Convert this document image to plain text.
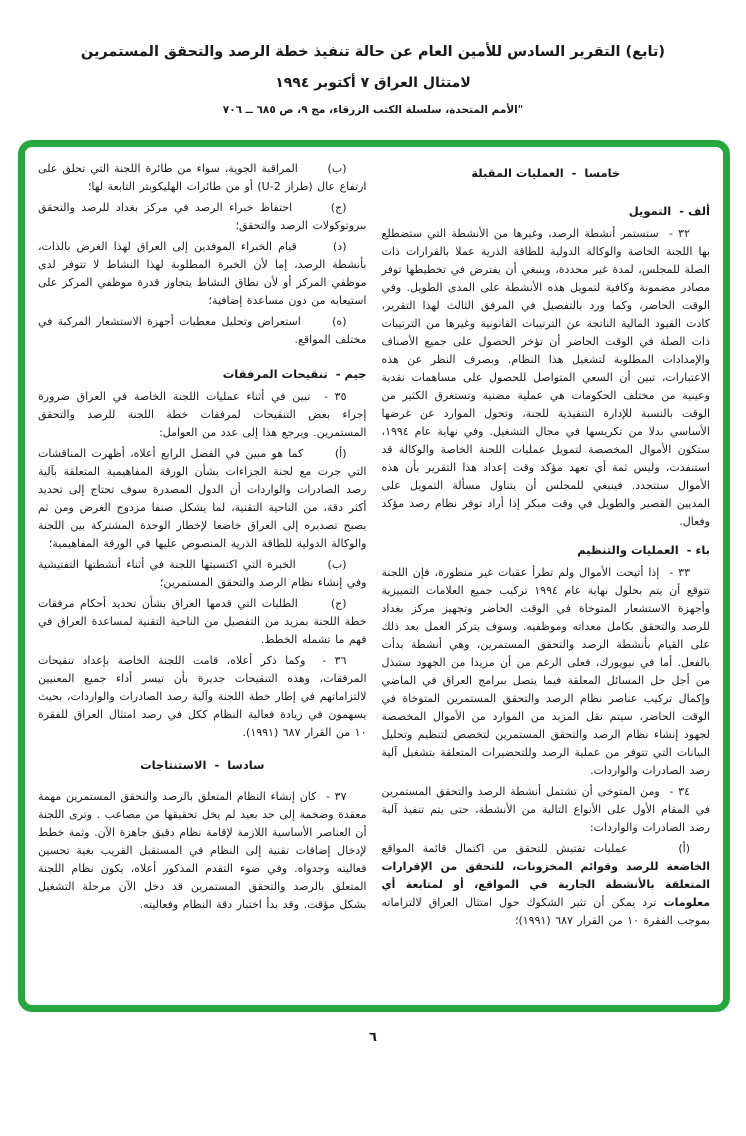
(تابع) التقرير السادس للأمين العام عن حالة تنفيذ خطة الرصد والتحقق المستمرين
لامتثال العراق ٧ أكتوبر ١٩٩٤
"الأمم المتحدة، سلسلة الكتب الزرقاء، مج ٩، ص ٦٨٥ ــ ٧٠٦
خامسا  -  العمليات المقبلة
ألف -  التمويل

٣٢ -  ستستمر أنشطة الرصد، وغيرها من الأنشطة التي ستضطلع بها اللجنة الخاصة والوكالة الدولية للطاقة الذرية عملا بالقرارات ذات الصلة للمجلس، لمدة غير محددة، وينبغي أن يفترض في تخطيطها توفر مصادر مضمونة وكافية لتمويل هذه الأنشطة على المدى الطويل. وفي الوقت الحاضر، وكما ورد بالتفصيل في المرفق الثالث لهذا التقرير، كادت القيود المالية الناتجة عن الترتيبات القانونية وغيرها من الترتيبات ذات الصلة في الوقت الحاضر أن تؤخر الحصول على جميع الأصناف والإمدادات المطلوبة لتشغيل هذا النظام. وبصرف النظر عن هذه الاعتبارات، تبين أن السعي المتواصل للحصول على مساهمات نقدية وعينية من مختلف الحكومات هي عملية مضنية وتستغرق الكثير من الوقت بالنسبة للإدارة التنفيذية للجنة، وتحول الموارد عن غرضها الأساسي بدلا من تكريسها في مجال التشغيل. وفي نهاية عام ١٩٩٤، ستكون الأموال المخصصة لتمويل عمليات اللجنة الخاصة والوكالة قد استنفدت، وليس ثمة أي تعهد مؤكد وقت إعداد هذا التقرير بأن هذه الأموال ستتجدد. فينبغي للمجلس أن يتناول مسألة التمويل على المديين القصير والطويل في وقت مبكر إذا أراد توفر نظام رصد مؤكد وفعال.

باء -  العمليات والتنظيم

٣٣ -  إذا أتيحت الأموال ولم تطرأ عقبات غير منظورة، فإن اللجنة تتوقع أن يتم بحلول نهاية عام ١٩٩٤ تركيب جميع العلامات التمييزية وأجهزة الاستشعار المتوخاة في الوقت الحاضر وتجهيز مركز بغداد للرصد والتحقق بكامل معداته وموظفيه. وسوف يتركز العمل بعد ذلك على القيام بأنشطة الرصد والتحقق المستمرين، وهي أنشطة بدأت بالفعل. أما في نيويورك، فعلى الرغم من أن مزيدا من الجهود ستبذل من أجل حل المسائل المعلقة فيما يتصل ببرامج العراق في الماضي وإكمال تركيب عناصر نظام الرصد والتحقق المستمرين المتوخاة في الوقت الحاضر، سيتم نقل المزيد من الموارد من الأموال المخصصة لجهود إنشاء نظام الرصد والتحقق المستمرين لتخصص لتنظيم وتحليل البيانات التي تتوفر من عملية الرصد وللتحضيرات المتعلقة بتشغيل آلية رصد الصادرات والواردات.

٣٤ -  ومن المتوخى أن تشتمل أنشطة الرصد والتحقق المستمرين في المقام الأول على الأنواع التالية من الأنشطة، حتى يتم تنفيذ آلية رصد الصادرات والواردات:

(أ)      عمليات تفتيش للتحقق من اكتمال قائمة المواقع الخاضعة للرصد وقوائم المخزونات، للتحقق من الإقرارات المتعلقة بالأنشطة الجارية في المواقع، أو لمتابعة أي معلومات ترد يمكن أن تثير الشكوك حول امتثال العراق لالتزاماته بموجب الفقرة ١٠ من القرار ٦٨٧ (١٩٩١)؛

(ب)      المراقبة الجوية، سواء من طائرة اللجنة التي تحلق على ارتفاع عال (طراز U-2) أو من طائرات الهليكوبتر التابعة لها؛

(ج)      احتفاظ خبراء الرصد في مركز بغداد للرصد والتحقق ببروتوكولات الرصد والتحقق؛

(د)      قيام الخبراء الموفدين إلى العراق لهذا الغرض بالذات، بأنشطة الرصد، إما لأن الخبرة المطلوبة لهذا النشاط لا تتوفر لدى موظفي المركز أو لأن نطاق النشاط يتجاوز قدرة موظفي المركز على استيعابه من دون مساعدة إضافية؛

(ه)      استعراض وتحليل معطيات أجهزة الاستشعار المركبة في مختلف المواقع.

جيم -  تنقيحات المرفقات

٣٥ -  تبين في أثناء عمليات اللجنة الخاصة في العراق ضرورة إجراء بعض التنقيحات لمرفقات خطة اللجنة للرصد والتحقق المستمرين. ويرجع هذا إلى عدد من العوامل:

(أ)      كما هو مبين في الفصل الرابع أعلاه، أظهرت المناقشات التي جرت مع لجنة الجزاءات بشأن الورقة المفاهيمية المتعلقة بآلية رصد الصادرات والواردات أن الدول المصدرة سوف تحتاج إلى تحديد أكثر دقة، من الناحية التقنية، لما يشكل صنفا مزدوج الغرض ومن ثم يصبح تصديره إلى العراق خاضعا لإخطار الوحدة المشتركة بين اللجنة والوكالة الدولية للطاقة الذرية المنصوص عليها في الورقة المفاهيمية؛

(ب)      الخبرة التي اكتسبتها اللجنة في أثناء أنشطتها التفتيشية وفي إنشاء نظام الرصد والتحقق المستمرين؛

(ج)      الطلبات التي قدمها العراق بشأن تحديد أحكام مرفقات خطة اللجنة بمزيد من التفصيل من الناحية التقنية لمساعدة العراق في فهم ما تشمله الخطط.

٣٦ -  وكما ذكر أعلاه، قامت اللجنة الخاصة بإعداد تنقيحات المرفقات، وهذه التنقيحات جديرة بأن تيسر أداء جميع المعنيين لالتزاماتهم في إطار خطة اللجنة وآلية رصد الصادرات والواردات، بحيث يسهمون في زيادة فعالية النظام ككل في رصد امتثال العراق للفقرة ١٠ من القرار ٦٨٧ (١٩٩١).

سادسا  -  الاستنتاجات

٣٧ -  كان إنشاء النظام المتعلق بالرصد والتحقق المستمرين مهمة معقدة وضخمة إلى حد بعيد لم يخل تحقيقها من مصاعب . وترى اللجنة أن العناصر الأساسية اللازمة لإقامة نظام دقيق جاهزة الآن. وثمة خطط لإدخال إضافات تقنية إلى النظام في المستقبل القريب بغية تحسين فعاليته وجدواه. وفي ضوء التقدم المذكور أعلاه، يكون نظام اللجنة المتعلق بالرصد والتحقق المستمرين قد دخل الآن مرحلة التشغيل بشكل مؤقت. وقد بدأ اختبار دقة النظام وفعاليته.

٦
